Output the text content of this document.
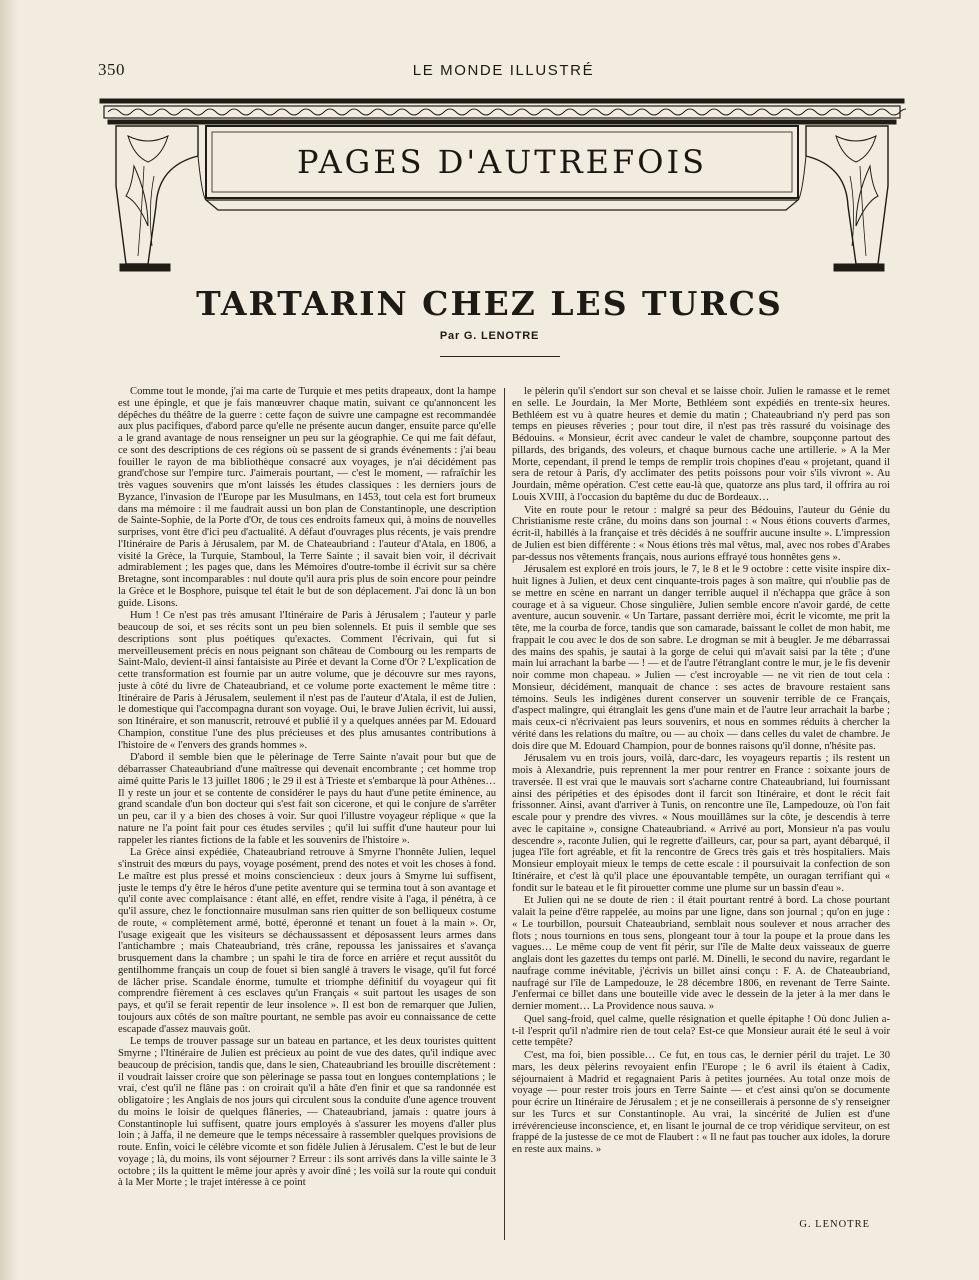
350	LE MONDE ILLUSTRÉ
PAGES D'AUTREFOIS
TARTARIN CHEZ LES TURCS
Par G. LENOTRE

Comme tout le monde, j'ai ma carte de Turquie et mes petits drapeaux, dont la hampe est une épingle, et que je fais manœuvrer chaque matin, suivant ce qu'annoncent les dépêches du théâtre de la guerre : cette façon de suivre une campagne est recommandée aux plus pacifiques, d'abord parce qu'elle ne présente aucun danger, ensuite parce qu'elle a le grand avantage de nous renseigner un peu sur la géographie. Ce qui me fait défaut, ce sont des descriptions de ces régions où se passent de si grands événements : j'ai beau fouiller le rayon de ma bibliothèque consacré aux voyages, je n'ai décidément pas grand'chose sur l'empire turc. J'aimerais pourtant, — c'est le moment, — rafraîchir les très vagues souvenirs que m'ont laissés les études classiques : les derniers jours de Byzance, l'invasion de l'Europe par les Musulmans, en 1453, tout cela est fort brumeux dans ma mémoire : il me faudrait aussi un bon plan de Constantinople, une description de Sainte-Sophie, de la Porte d'Or, de tous ces endroits fameux qui, à moins de nouvelles surprises, vont être d'ici peu d'actualité. A défaut d'ouvrages plus récents, je vais prendre l'Itinéraire de Paris à Jérusalem, par M. de Chateaubriand : l'auteur d'Atala, en 1806, a visité la Grèce, la Turquie, Stamboul, la Terre Sainte ; il savait bien voir, il décrivait admirablement ; les pages que, dans les Mémoires d'outre-tombe il écrivit sur sa chère Bretagne, sont incomparables : nul doute qu'il aura pris plus de soin encore pour peindre la Grèce et le Bosphore, puisque tel était le but de son déplacement. J'ai donc là un bon guide. Lisons.

Hum ! Ce n'est pas très amusant l'Itinéraire de Paris à Jérusalem ; l'auteur y parle beaucoup de soi, et ses récits sont un peu bien solennels. Et puis il semble que ses descriptions sont plus poétiques qu'exactes. Comment l'écrivain, qui fut si merveilleusement précis en nous peignant son château de Combourg ou les remparts de Saint-Malo, devient-il ainsi fantaisiste au Pirée et devant la Corne d'Or ? L'explication de cette transformation est fournie par un autre volume, que je découvre sur mes rayons, juste à côté du livre de Chateaubriand, et ce volume porte exactement le même titre : Itinéraire de Paris à Jérusalem, seulement il n'est pas de l'auteur d'Atala, il est de Julien, le domestique qui l'accompagna durant son voyage. Oui, le brave Julien écrivit, lui aussi, son Itinéraire, et son manuscrit, retrouvé et publié il y a quelques années par M. Edouard Champion, constitue l'une des plus précieuses et des plus amusantes contributions à l'histoire de « l'envers des grands hommes ».

D'abord il semble bien que le pèlerinage de Terre Sainte n'avait pour but que de débarrasser Chateaubriand d'une maîtresse qui devenait encombrante ; cet homme trop aimé quitte Paris le 13 juillet 1806 ; le 29 il est à Trieste et s'embarque là pour Athènes… Il y reste un jour et se contente de considérer le pays du haut d'une petite éminence, au grand scandale d'un bon docteur qui s'est fait son cicerone, et qui le conjure de s'arrêter un peu, car il y a bien des choses à voir. Sur quoi l'illustre voyageur réplique « que la nature ne l'a point fait pour ces études serviles ; qu'il lui suffit d'une hauteur pour lui rappeler les riantes fictions de la fable et les souvenirs de l'histoire ».

La Grèce ainsi expédiée, Chateaubriand retrouve à Smyrne l'honnête Julien, lequel s'instruit des mœurs du pays, voyage posément, prend des notes et voit les choses à fond. Le maître est plus pressé et moins consciencieux : deux jours à Smyrne lui suffisent, juste le temps d'y être le héros d'une petite aventure qui se termina tout à son avantage et qu'il conte avec complaisance : étant allé, en effet, rendre visite à l'aga, il pénétra, à ce qu'il assure, chez le fonctionnaire musulman sans rien quitter de son belliqueux costume de route, « complètement armé, botté, éperonné et tenant un fouet à la main ». Or, l'usage exigeait que les visiteurs se déchaussassent et déposassent leurs armes dans l'antichambre ; mais Chateaubriand, très crâne, repoussa les janissaires et s'avança brusquement dans la chambre ; un spahi le tira de force en arrière et reçut aussitôt du gentilhomme français un coup de fouet si bien sanglé à travers le visage, qu'il fut forcé de lâcher prise. Scandale énorme, tumulte et triomphe définitif du voyageur qui fit comprendre fièrement à ces esclaves qu'un Français « suit partout les usages de son pays, et qu'il se ferait repentir de leur insolence ». Il est bon de remarquer que Julien, toujours aux côtés de son maître pourtant, ne semble pas avoir eu connaissance de cette escapade d'assez mauvais goût.

Le temps de trouver passage sur un bateau en partance, et les deux touristes quittent Smyrne ; l'Itinéraire de Julien est précieux au point de vue des dates, qu'il indique avec beaucoup de précision, tandis que, dans le sien, Chateaubriand les brouille discrètement : il voudrait laisser croire que son pèlerinage se passa tout en longues contemplations ; le vrai, c'est qu'il ne flâne pas : on croirait qu'il a hâte d'en finir et que sa randonnée est obligatoire ; les Anglais de nos jours qui circulent sous la conduite d'une agence trouvent du moins le loisir de quelques flâneries, — Chateaubriand, jamais : quatre jours à Constantinople lui suffisent, quatre jours employés à s'assurer les moyens d'aller plus loin ; à Jaffa, il ne demeure que le temps nécessaire à rassembler quelques provisions de route. Enfin, voici le célèbre vicomte et son fidèle Julien à Jérusalem. C'est le but de leur voyage ; là, du moins, ils vont séjourner ? Erreur : ils sont arrivés dans la ville sainte le 3 octobre ; ils la quittent le même jour après y avoir dîné ; les voilà sur la route qui conduit à la Mer Morte ; le trajet intéresse à ce point

le pèlerin qu'il s'endort sur son cheval et se laisse choir. Julien le ramasse et le remet en selle. Le Jourdain, la Mer Morte, Bethléem sont expédiés en trente-six heures. Bethléem est vu à quatre heures et demie du matin ; Chateaubriand n'y perd pas son temps en pieuses rêveries ; pour tout dire, il n'est pas très rassuré du voisinage des Bédouins. « Monsieur, écrit avec candeur le valet de chambre, soupçonne partout des pillards, des brigands, des voleurs, et chaque burnous cache une artillerie. » A la Mer Morte, cependant, il prend le temps de remplir trois chopines d'eau « projetant, quand il sera de retour à Paris, d'y acclimater des petits poissons pour voir s'ils vivront ». Au Jourdain, même opération. C'est cette eau-là que, quatorze ans plus tard, il offrira au roi Louis XVIII, à l'occasion du baptême du duc de Bordeaux…

Vite en route pour le retour : malgré sa peur des Bédouins, l'auteur du Génie du Christianisme reste crâne, du moins dans son journal : « Nous étions couverts d'armes, écrit-il, habillés à la française et très décidés à ne souffrir aucune insulte ». L'impression de Julien est bien différente : « Nous étions très mal vêtus, mal, avec nos robes d'Arabes par-dessus nos vêtements français, nous aurions effrayé tous honnêtes gens ».

Jérusalem est exploré en trois jours, le 7, le 8 et le 9 octobre : cette visite inspire dix-huit lignes à Julien, et deux cent cinquante-trois pages à son maître, qui n'oublie pas de se mettre en scène en narrant un danger terrible auquel il n'échappa que grâce à son courage et à sa vigueur. Chose singulière, Julien semble encore n'avoir gardé, de cette aventure, aucun souvenir. « Un Tartare, passant derrière moi, écrit le vicomte, me prit la tête, me la courba de force, tandis que son camarade, baissant le collet de mon habit, me frappait le cou avec le dos de son sabre. Le drogman se mit à beugler. Je me débarrassai des mains des spahis, je sautai à la gorge de celui qui m'avait saisi par la tête ; d'une main lui arrachant la barbe — ! — et de l'autre l'étranglant contre le mur, je le fis devenir noir comme mon chapeau. » Julien — c'est incroyable — ne vit rien de tout cela : Monsieur, décidément, manquait de chance : ses actes de bravoure restaient sans témoins. Seuls les indigènes durent conserver un souvenir terrible de ce Français, d'aspect malingre, qui étranglait les gens d'une main et de l'autre leur arrachait la barbe ; mais ceux-ci n'écrivaient pas leurs souvenirs, et nous en sommes réduits à chercher la vérité dans les relations du maître, ou — au choix — dans celles du valet de chambre. Je dois dire que M. Edouard Champion, pour de bonnes raisons qu'il donne, n'hésite pas.

Jérusalem vu en trois jours, voilà, darc-darc, les voyageurs repartis ; ils restent un mois à Alexandrie, puis reprennent la mer pour rentrer en France : soixante jours de traversée. Il est vrai que le mauvais sort s'acharne contre Chateaubriand, lui fournissant ainsi des péripéties et des épisodes dont il farcit son Itinéraire, et dont le récit fait frissonner. Ainsi, avant d'arriver à Tunis, on rencontre une île, Lampedouze, où l'on fait escale pour y prendre des vivres. « Nous mouillâmes sur la côte, je descendis à terre avec le capitaine », consigne Chateaubriand. « Arrivé au port, Monsieur n'a pas voulu descendre », raconte Julien, qui le regrette d'ailleurs, car, pour sa part, ayant débarqué, il jugea l'île fort agréable, et fit la rencontre de Grecs très gais et très hospitaliers. Mais Monsieur employait mieux le temps de cette escale : il poursuivait la confection de son Itinéraire, et c'est là qu'il place une épouvantable tempête, un ouragan terrifiant qui « fondit sur le bateau et le fit pirouetter comme une plume sur un bassin d'eau ».

Et Julien qui ne se doute de rien : il était pourtant rentré à bord. La chose pourtant valait la peine d'être rappelée, au moins par une ligne, dans son journal ; qu'on en juge : « Le tourbillon, poursuit Chateaubriand, semblait nous soulever et nous arracher des flots ; nous tournions en tous sens, plongeant tour à tour la poupe et la proue dans les vagues… Le même coup de vent fit périr, sur l'île de Malte deux vaisseaux de guerre anglais dont les gazettes du temps ont parlé. M. Dinelli, le second du navire, regardant le naufrage comme inévitable, j'écrivis un billet ainsi conçu : F. A. de Chateaubriand, naufragé sur l'île de Lampedouze, le 28 décembre 1806, en revenant de Terre Sainte. J'enfermai ce billet dans une bouteille vide avec le dessein de la jeter à la mer dans le dernier moment… La Providence nous sauva. »

Quel sang-froid, quel calme, quelle résignation et quelle épitaphe ! Où donc Julien a-t-il l'esprit qu'il n'admire rien de tout cela? Est-ce que Monsieur aurait été le seul à voir cette tempête?

C'est, ma foi, bien possible… Ce fut, en tous cas, le dernier péril du trajet. Le 30 mars, les deux pèlerins revoyaient enfin l'Europe ; le 6 avril ils étaient à Cadix, séjournaient à Madrid et regagnaient Paris à petites journées. Au total onze mois de voyage — pour rester trois jours en Terre Sainte — et c'est ainsi qu'on se documente pour écrire un Itinéraire de Jérusalem ; et je ne conseillerais à personne de s'y renseigner sur les Turcs et sur Constantinople. Au vrai, la sincérité de Julien est d'une irrévérencieuse inconscience, et, en lisant le journal de ce trop véridique serviteur, on est frappé de la justesse de ce mot de Flaubert : « Il ne faut pas toucher aux idoles, la dorure en reste aux mains. »

G. LENOTRE
